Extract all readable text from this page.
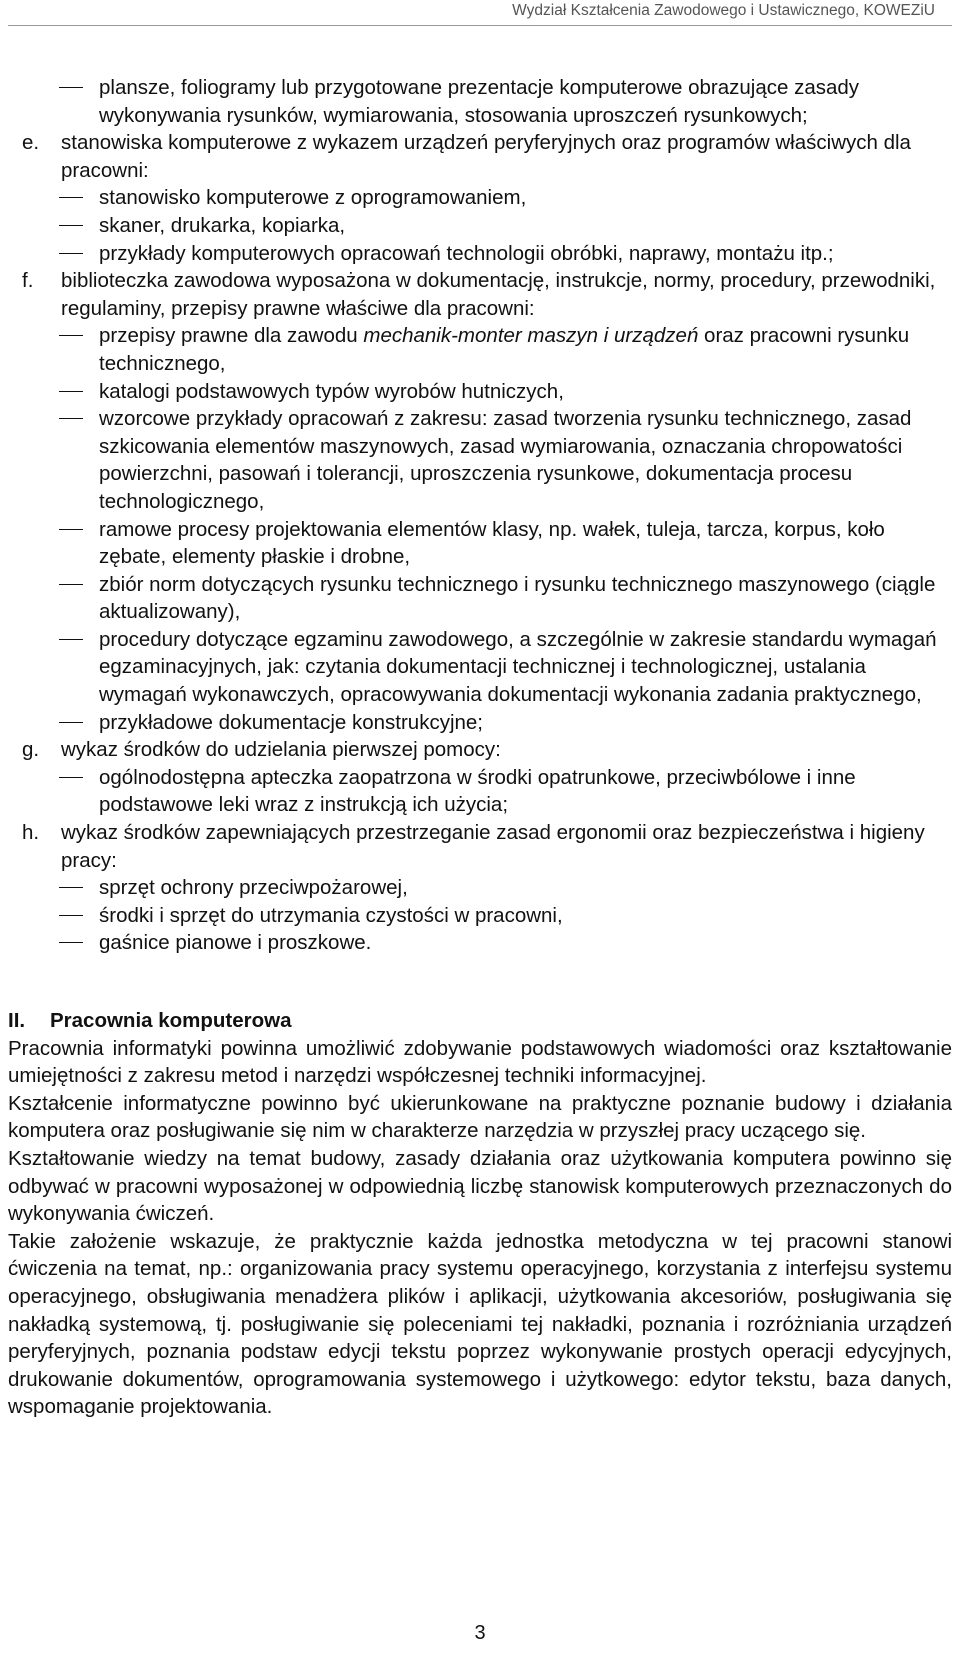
Wydział Kształcenia Zawodowego i Ustawicznego, KOWEZiU
plansze, foliogramy lub przygotowane prezentacje komputerowe obrazujące zasady wykonywania rysunków, wymiarowania, stosowania uproszczeń rysunkowych;
e. stanowiska komputerowe z wykazem urządzeń peryferyjnych oraz programów właściwych dla pracowni:
stanowisko komputerowe z oprogramowaniem,
skaner, drukarka, kopiarka,
przykłady komputerowych opracowań technologii obróbki, naprawy, montażu itp.;
f. biblioteczka zawodowa wyposażona w dokumentację, instrukcje, normy, procedury, przewodniki, regulaminy, przepisy prawne właściwe dla pracowni:
przepisy prawne dla zawodu mechanik-monter maszyn i urządzeń oraz pracowni rysunku technicznego,
katalogi podstawowych typów wyrobów hutniczych,
wzorcowe przykłady opracowań z zakresu: zasad tworzenia rysunku technicznego, zasad szkicowania elementów maszynowych, zasad wymiarowania, oznaczania chropowatości powierzchni, pasowań i tolerancji, uproszczenia rysunkowe, dokumentacja procesu technologicznego,
ramowe procesy projektowania elementów klasy, np. wałek, tuleja, tarcza, korpus, koło zębate, elementy płaskie i drobne,
zbiór norm dotyczących rysunku technicznego i rysunku technicznego maszynowego (ciągle aktualizowany),
procedury dotyczące egzaminu zawodowego, a szczególnie w zakresie standardu wymagań egzaminacyjnych, jak: czytania dokumentacji technicznej i technologicznej, ustalania wymagań wykonawczych, opracowywania dokumentacji wykonania zadania praktycznego,
przykładowe dokumentacje konstrukcyjne;
g. wykaz środków do udzielania pierwszej pomocy:
ogólnodostępna apteczka zaopatrzona w środki opatrunkowe, przeciwbólowe i inne podstawowe leki wraz z instrukcją ich użycia;
h. wykaz środków zapewniających przestrzeganie zasad ergonomii oraz bezpieczeństwa i higieny pracy:
sprzęt ochrony przeciwpożarowej,
środki i sprzęt do utrzymania czystości w pracowni,
gaśnice pianowe i proszkowe.
II. Pracownia komputerowa
Pracownia informatyki powinna umożliwić zdobywanie podstawowych wiadomości oraz kształtowanie umiejętności z zakresu metod i narzędzi współczesnej techniki informacyjnej.
Kształcenie informatyczne powinno być ukierunkowane na praktyczne poznanie budowy i działania komputera oraz posługiwanie się nim w charakterze narzędzia w przyszłej pracy uczącego się.
Kształtowanie wiedzy na temat budowy, zasady działania oraz użytkowania komputera powinno się odbywać w pracowni wyposażonej w odpowiednią liczbę stanowisk komputerowych przeznaczonych do wykonywania ćwiczeń.
Takie założenie wskazuje, że praktycznie każda jednostka metodyczna w tej pracowni stanowi ćwiczenia na temat, np.: organizowania pracy systemu operacyjnego, korzystania z interfejsu systemu operacyjnego, obsługiwania menadżera plików i aplikacji, użytkowania akcesoriów, posługiwania się nakładką systemową, tj. posługiwanie się poleceniami tej nakładki, poznania i rozróżniania urządzeń peryferyjnych, poznania podstaw edycji tekstu poprzez wykonywanie prostych operacji edycyjnych, drukowanie dokumentów, oprogramowania systemowego i użytkowego: edytor tekstu, baza danych, wspomaganie projektowania.
3
